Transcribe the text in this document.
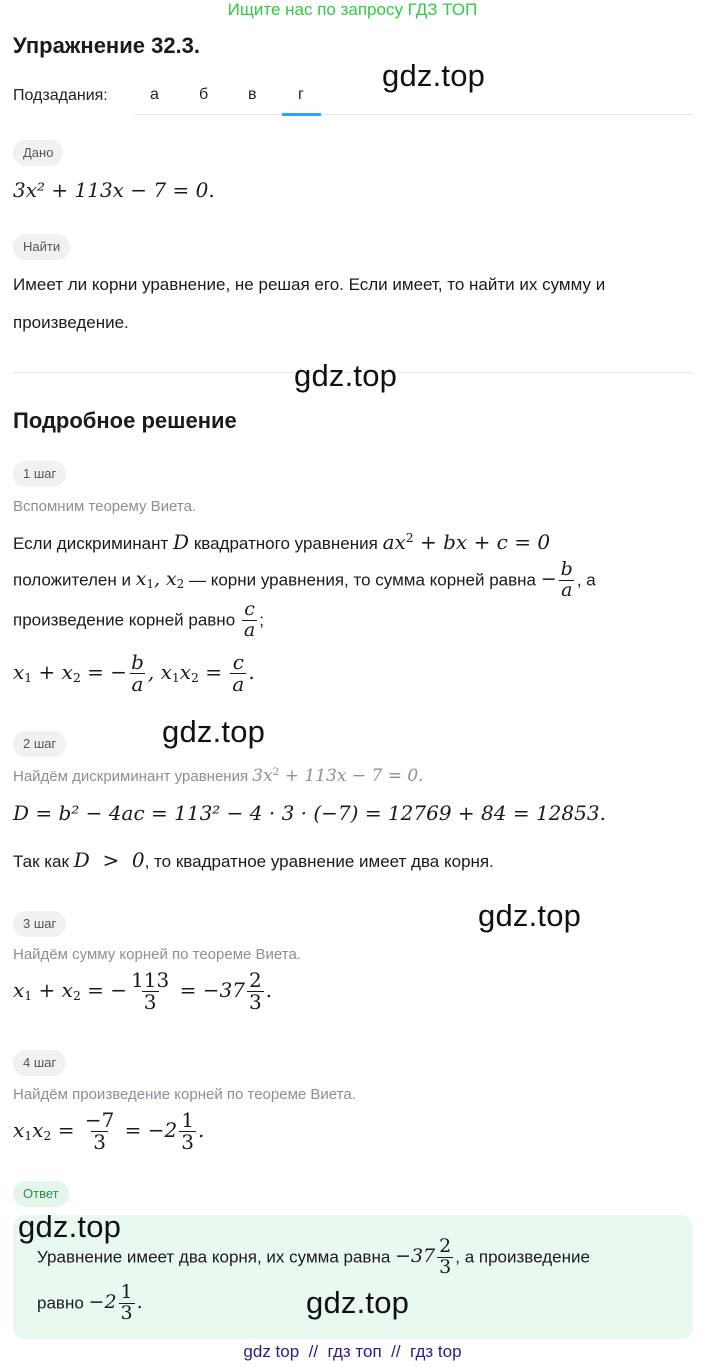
Ищите нас по запросу ГДЗ ТОП
Упражнение 32.3.
gdz.top
Подзадания:	а	б в	г
Дано
3x² + 113x − 7 = 0.
Найти
Имеет ли корни уравнение, не решая его. Если имеет, то найти их сумму и
произведение.
gdz.top
Подробное решение
1 шаг
Вспомним теорему Виета.
Если дискриминант D квадратного уравнения $ax^2$ + bx + c = 0
положителен и $x_1$, $x_2$ — корни уравнения, то сумма корней равна − $\frac{b}{a}$ , а
произведение корней равно $\frac{c}{a}$ ;
$x_1 + x_2$ = − $\frac{b}{a}$ , $x_1x_2 = \frac{c}{a}$ .
gdz.top
2 шаг
Найдём дискриминант уравнения $3x^2 + 113x - 7 = 0$.
D = b² − 4ac = 113² − 4 · 3 · (−7) = 12769 + 84 = 12853.
Так как D  >  0, то квадратное уравнение имеет два корня.
gdz.top
3 шаг
Найдём сумму корней по теореме Виета.
$x_1 + x_2$ = − $\frac{113}{3} = -37 \frac{2}{3}$ .
4 шаг
Найдём произведение корней по теореме Виета.
$x_1x_2 = \frac{-7}{3} = -2 \frac{1}{3}$ .
Ответ
gdz.top
Уравнение имеет два корня, их сумма равна $-37 \frac{2}{3}$ , а произведение
равно $-2 \frac{1}{3}$ .	gdz.top
gdz top // гдз топ // гдз top
